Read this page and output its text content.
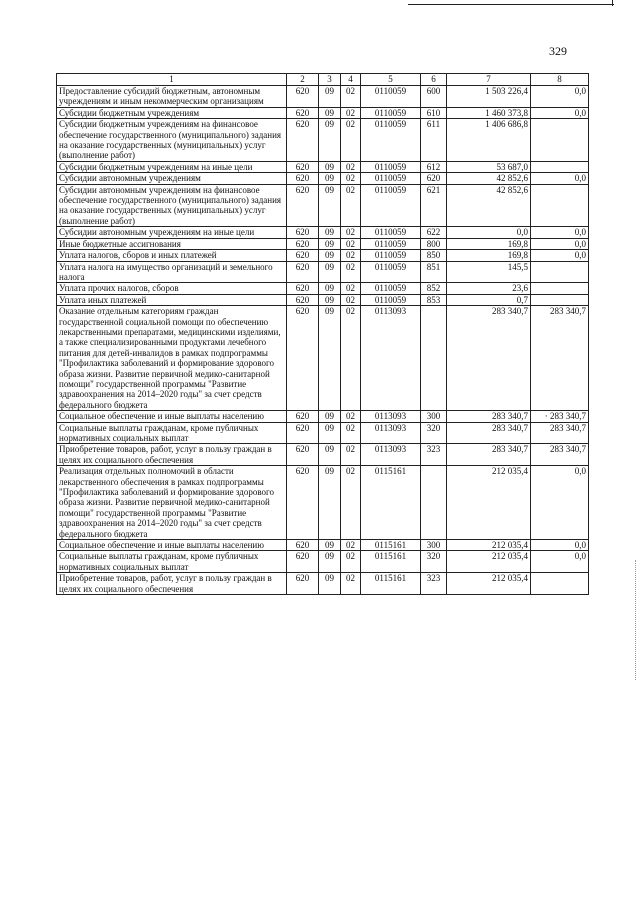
329
1	2	3	4	5	6	7	8
Предоставление субсидий бюджетным, автономным учреждениям и иным некоммерческим организациям	620	09	02	0110059	600	1 503 226,4	0,0
Субсидии бюджетным учреждениям	620	09	02	0110059	610	1 460 373,8	0,0
Субсидии бюджетным учреждениям на финансовое обеспечение государственного (муниципального) задания на оказание государственных (муниципальных) услуг (выполнение работ)	620	09	02	0110059	611	1 406 686,8	
Субсидии бюджетным учреждениям на иные цели	620	09	02	0110059	612	53 687,0	
Субсидии автономным учреждениям	620	09	02	0110059	620	42 852,6	0,0
Субсидии автономным учреждениям на финансовое обеспечение государственного (муниципального) задания на оказание государственных (муниципальных) услуг (выполнение работ)	620	09	02	0110059	621	42 852,6	
Субсидии автономным учреждениям на иные цели	620	09	02	0110059	622	0,0	0,0
Иные бюджетные ассигнования	620	09	02	0110059	800	169,8	0,0
Уплата налогов, сборов и иных платежей	620	09	02	0110059	850	169,8	0,0
Уплата налога на имущество организаций и земельного налога	620	09	02	0110059	851	145,5	
Уплата прочих налогов, сборов	620	09	02	0110059	852	23,6	
Уплата иных платежей	620	09	02	0110059	853	0,7	
Оказание отдельным категориям граждан государственной социальной помощи по обеспечению лекарственными препаратами, медицинскими изделиями, а также специализированными продуктами лечебного питания для детей-инвалидов в рамках подпрограммы "Профилактика заболеваний и формирование здорового образа жизни. Развитие первичной медико-санитарной помощи" государственной программы "Развитие здравоохранения на 2014–2020 годы" за счет средств федерального бюджета	620	09	02	0113093		283 340,7	283 340,7
Социальное обеспечение и иные выплаты населению	620	09	02	0113093	300	283 340,7	· 283 340,7
Социальные выплаты гражданам, кроме публичных нормативных социальных выплат	620	09	02	0113093	320	283 340,7	283 340,7
Приобретение товаров, работ, услуг в пользу граждан в целях их социального обеспечения	620	09	02	0113093	323	283 340,7	283 340,7
Реализация отдельных полномочий в области лекарственного обеспечения в рамках подпрограммы "Профилактика заболеваний и формирование здорового образа жизни. Развитие первичной медико-санитарной помощи" государственной программы "Развитие здравоохранения на 2014–2020 годы" за счет средств федерального бюджета	620	09	02	0115161		212 035,4	0,0
Социальное обеспечение и иные выплаты населению	620	09	02	0115161	300	212 035,4	0,0
Социальные выплаты гражданам, кроме публичных нормативных социальных выплат	620	09	02	0115161	320	212 035,4	0,0
Приобретение товаров, работ, услуг в пользу граждан в целях их социального обеспечения	620	09	02	0115161	323	212 035,4	
